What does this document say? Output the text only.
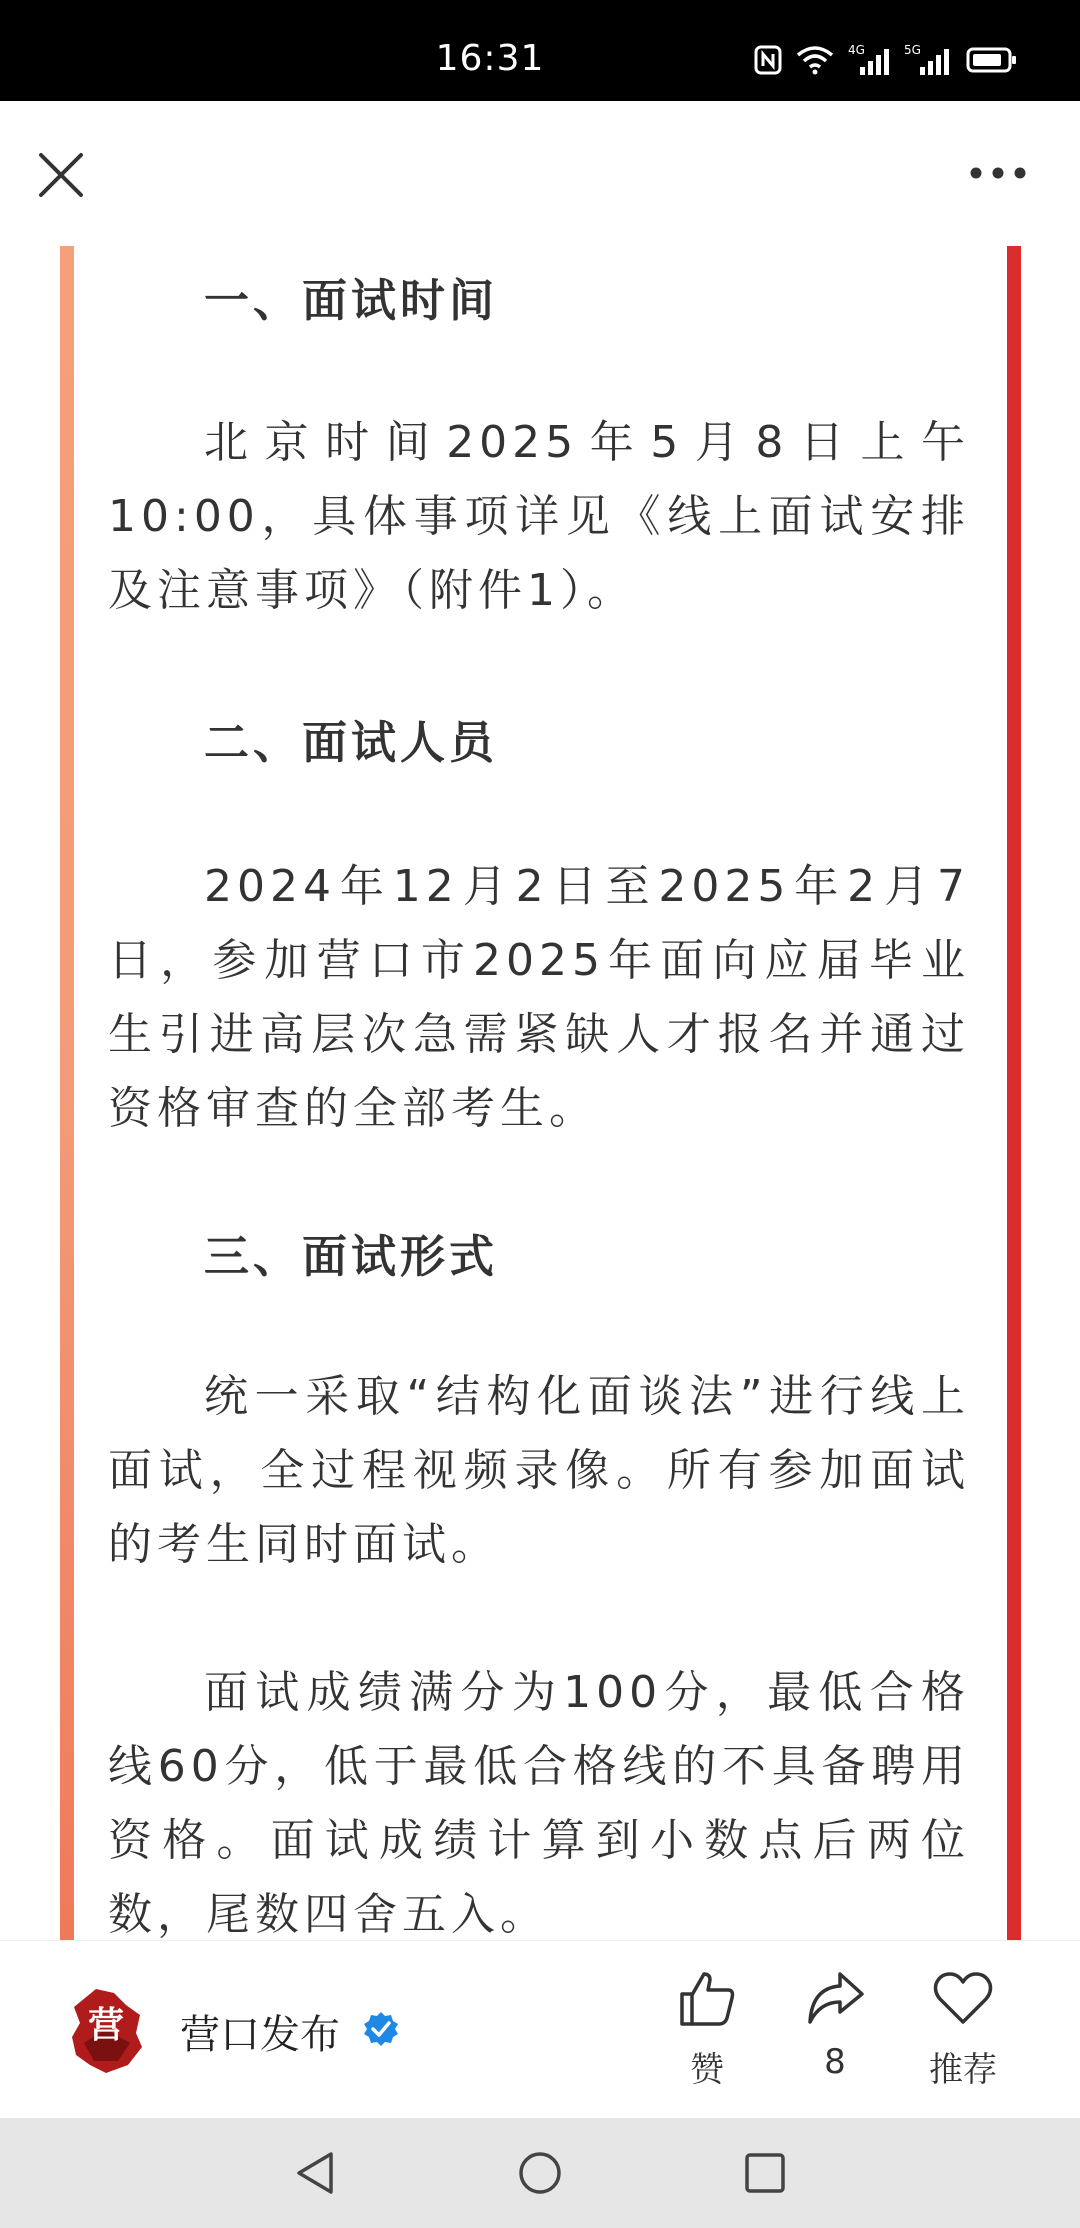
16:31	4G	5G
一、面试时间
北京时间2025年5月8日上午10:00，具体事项详见《线上面试安排及注意事项》（附件1）。
二、面试人员
2024年12月2日至2025年2月7日，参加营口市2025年面向应届毕业生引进高层次急需紧缺人才报名并通过资格审查的全部考生。
三、面试形式
统一采取“结构化面谈法”进行线上面试，全过程视频录像。所有参加面试的考生同时面试。
面试成绩满分为100分，最低合格线60分，低于最低合格线的不具备聘用资格。面试成绩计算到小数点后两位数，尾数四舍五入。
营 营口发布
赞	8	推荐
